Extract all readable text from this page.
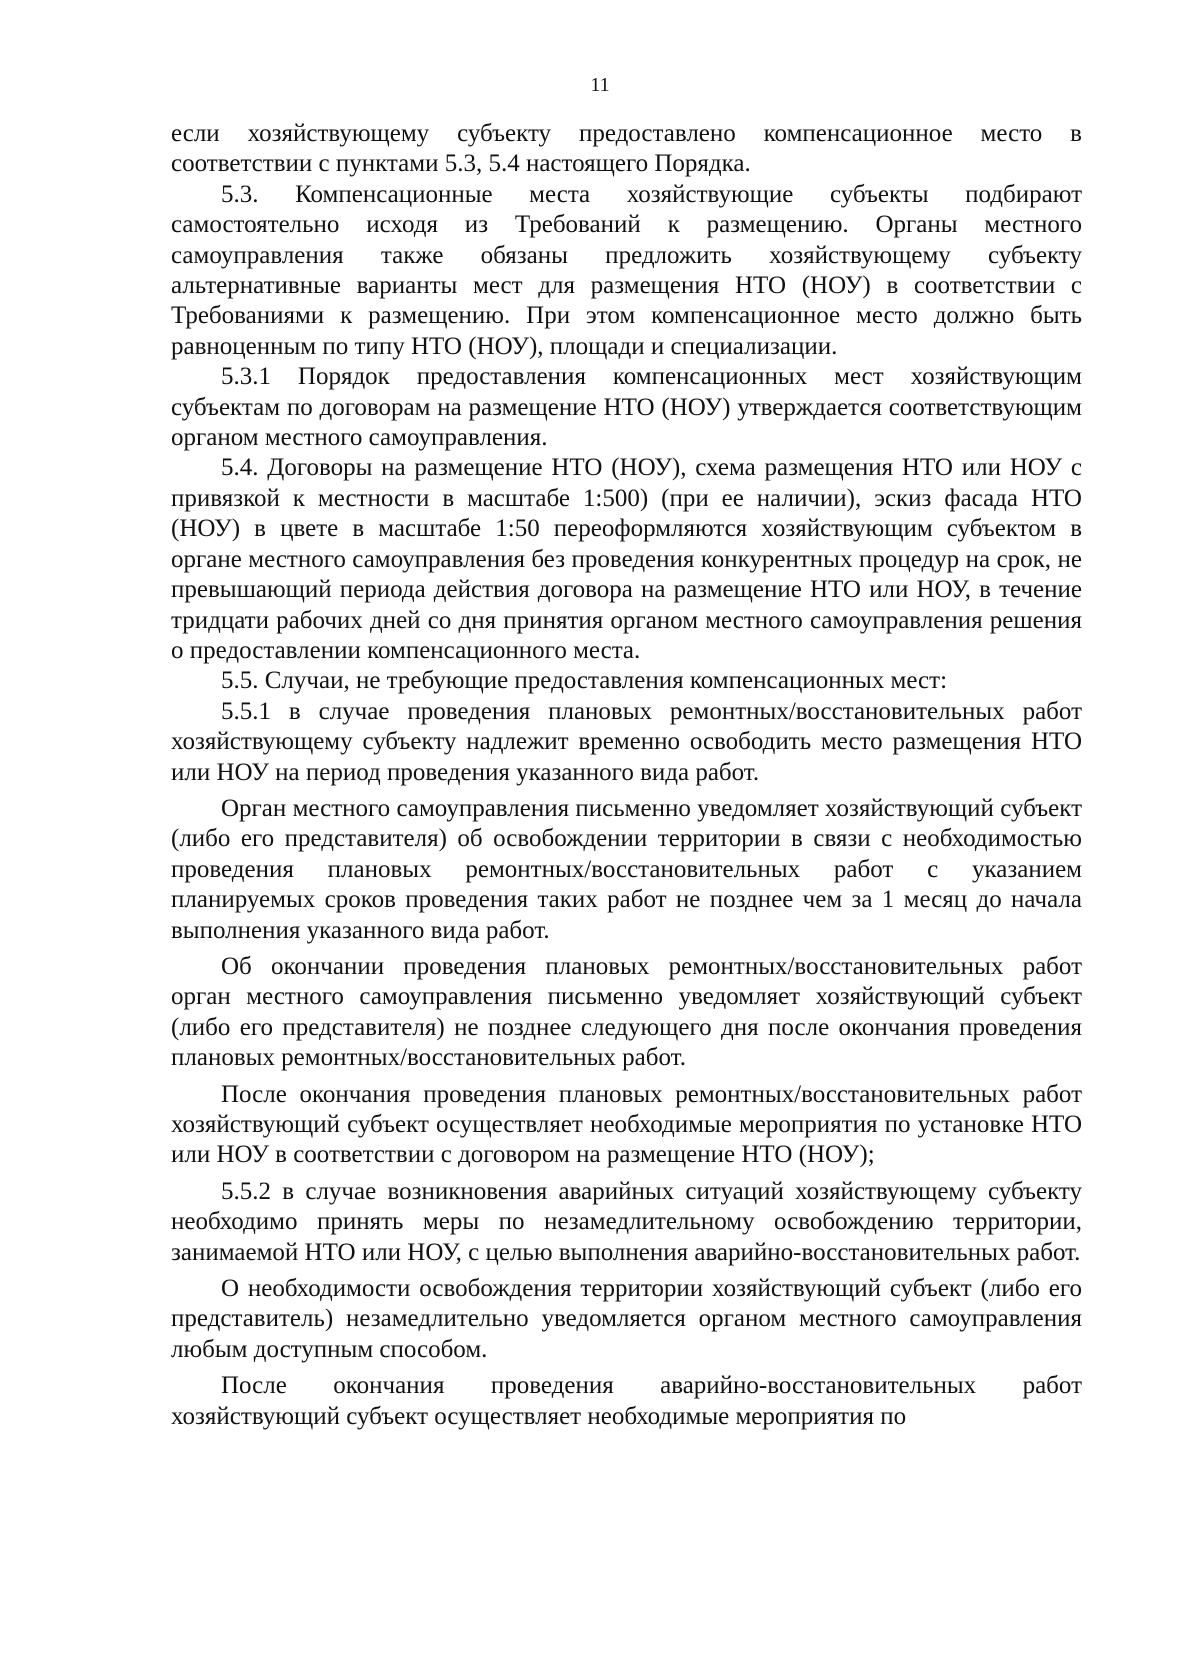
11

если хозяйствующему субъекту предоставлено компенсационное место в соответствии с пунктами 5.3, 5.4 настоящего Порядка.

5.3. Компенсационные места хозяйствующие субъекты подбирают самостоятельно исходя из Требований к размещению. Органы местного самоуправления также обязаны предложить хозяйствующему субъекту альтернативные варианты мест для размещения НТО (НОУ) в соответствии с Требованиями к размещению. При этом компенсационное место должно быть равноценным по типу НТО (НОУ), площади и специализации.

5.3.1 Порядок предоставления компенсационных мест хозяйствующим субъектам по договорам на размещение НТО (НОУ) утверждается соответствующим органом местного самоуправления.

5.4. Договоры на размещение НТО (НОУ), схема размещения НТО или НОУ с привязкой к местности в масштабе 1:500) (при ее наличии), эскиз фасада НТО (НОУ) в цвете в масштабе 1:50 переоформляются хозяйствующим субъектом в органе местного самоуправления без проведения конкурентных процедур на срок, не превышающий периода действия договора на размещение НТО или НОУ, в течение тридцати рабочих дней со дня принятия органом местного самоуправления решения о предоставлении компенсационного места.

5.5. Случаи, не требующие предоставления компенсационных мест:

5.5.1 в случае проведения плановых ремонтных/восстановительных работ хозяйствующему субъекту надлежит временно освободить место размещения НТО или НОУ на период проведения указанного вида работ.

Орган местного самоуправления письменно уведомляет хозяйствующий субъект (либо его представителя) об освобождении территории в связи с необходимостью проведения плановых ремонтных/восстановительных работ с указанием планируемых сроков проведения таких работ не позднее чем за 1 месяц до начала выполнения указанного вида работ.

Об окончании проведения плановых ремонтных/восстановительных работ орган местного самоуправления письменно уведомляет хозяйствующий субъект (либо его представителя) не позднее следующего дня после окончания проведения плановых ремонтных/восстановительных работ.

После окончания проведения плановых ремонтных/восстановительных работ хозяйствующий субъект осуществляет необходимые мероприятия по установке НТО или НОУ в соответствии с договором на размещение НТО (НОУ);

5.5.2 в случае возникновения аварийных ситуаций хозяйствующему субъекту необходимо принять меры по незамедлительному освобождению территории, занимаемой НТО или НОУ, с целью выполнения аварийно-восстановительных работ.

О необходимости освобождения территории хозяйствующий субъект (либо его представитель) незамедлительно уведомляется органом местного самоуправления любым доступным способом.

После окончания проведения аварийно-восстановительных работ хозяйствующий субъект осуществляет необходимые мероприятия по
